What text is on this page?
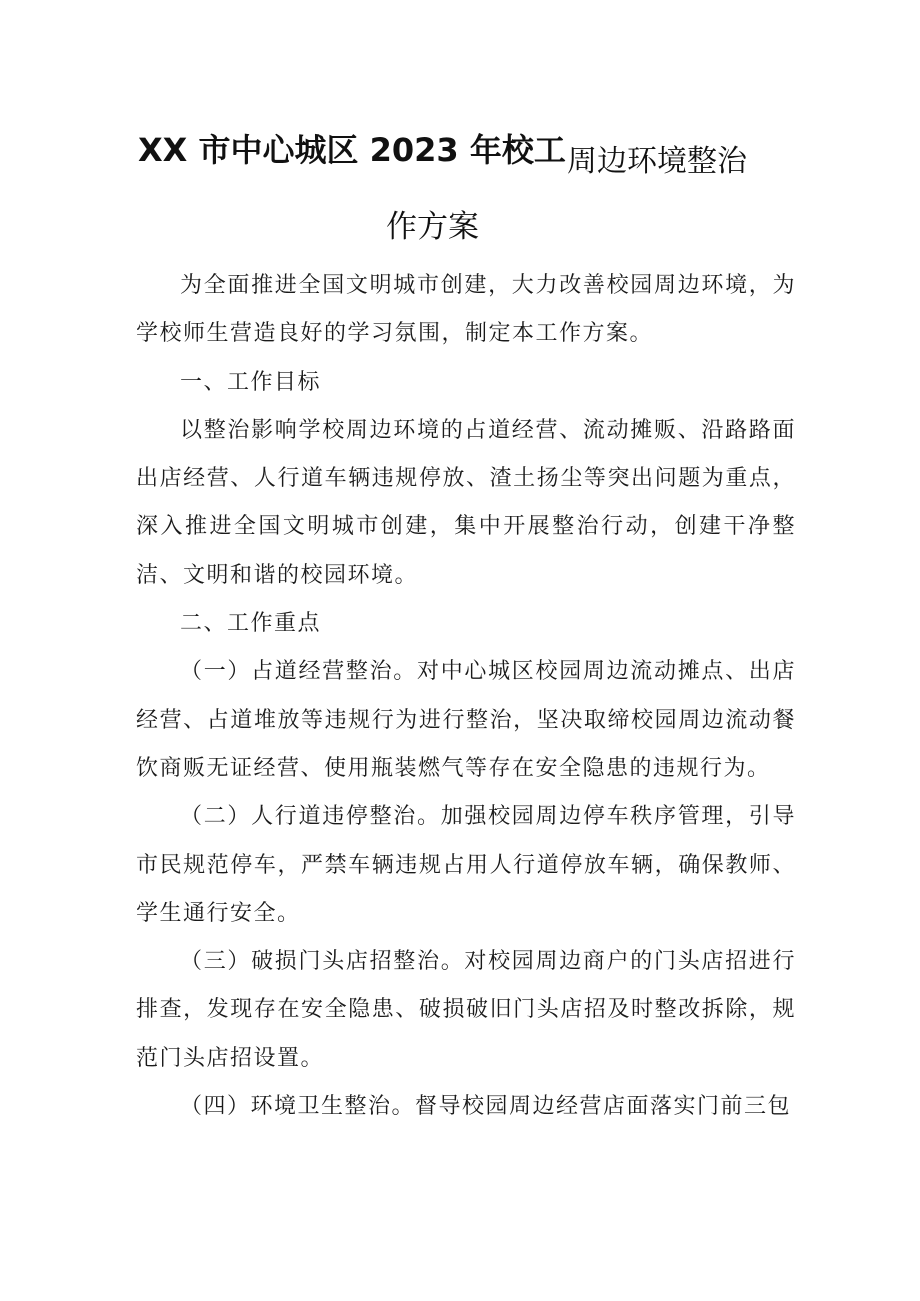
XX 市中心城区 2023 年校工 周边环境整治
作方案

为全面推进全国文明城市创建，大力改善校园周边环境，为学校师生营造良好的学习氛围，制定本工作方案。

一、工作目标

以整治影响学校周边环境的占道经营、流动摊贩、沿路路面出店经营、人行道车辆违规停放、渣土扬尘等突出问题为重点，深入推进全国文明城市创建，集中开展整治行动，创建干净整洁、文明和谐的校园环境。

二、工作重点

（一）占道经营整治。对中心城区校园周边流动摊点、出店经营、占道堆放等违规行为进行整治，坚决取缔校园周边流动餐饮商贩无证经营、使用瓶装燃气等存在安全隐患的违规行为。

（二）人行道违停整治。加强校园周边停车秩序管理，引导市民规范停车，严禁车辆违规占用人行道停放车辆，确保教师、学生通行安全。

（三）破损门头店招整治。对校园周边商户的门头店招进行排查，发现存在安全隐患、破损破旧门头店招及时整改拆除，规范门头店招设置。

（四）环境卫生整治。督导校园周边经营店面落实门前三包
